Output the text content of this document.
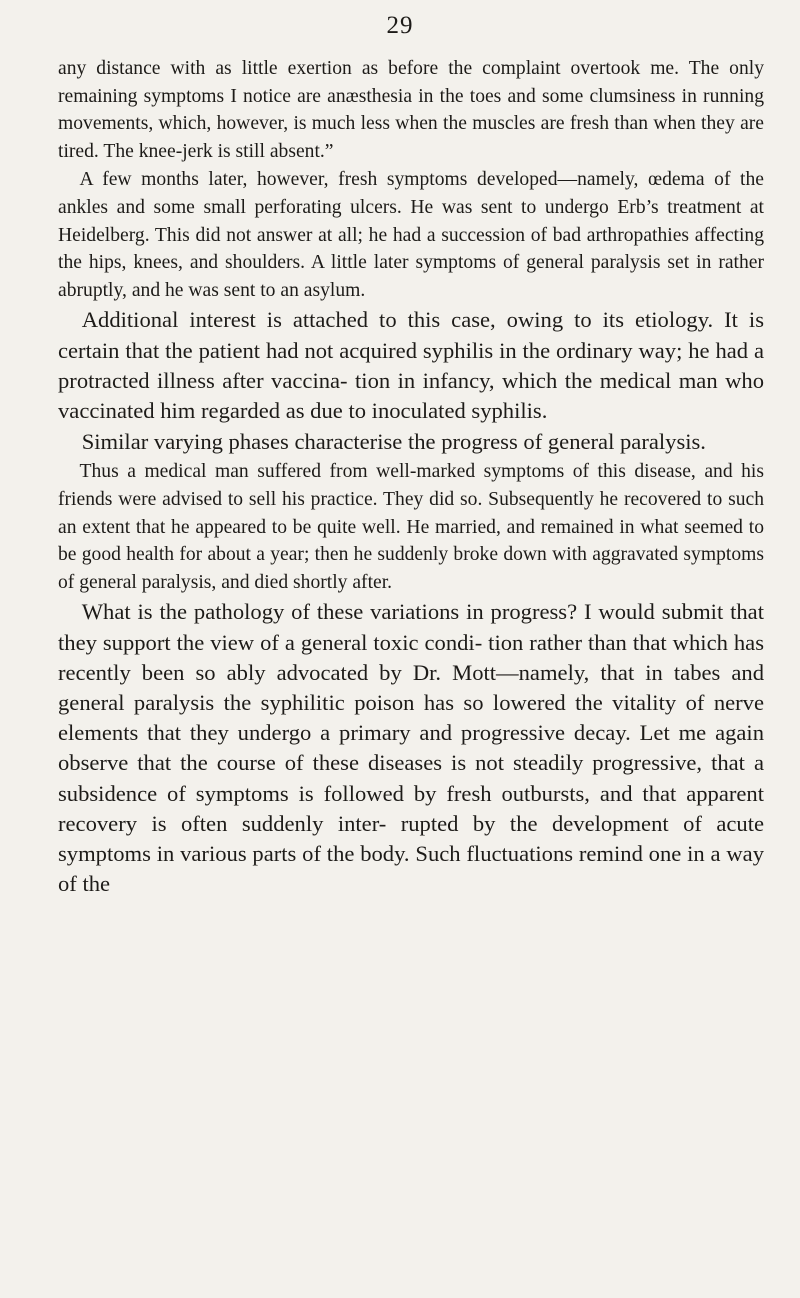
29

any distance with as little exertion as before the complaint overtook me. The only remaining symptoms I notice are anæsthesia in the toes and some clumsiness in running movements, which, however, is much less when the muscles are fresh than when they are tired. The knee-jerk is still absent.”

A few months later, however, fresh symptoms developed—namely, œdema of the ankles and some small perforating ulcers. He was sent to undergo Erb’s treatment at Heidelberg. This did not answer at all; he had a succession of bad arthropathies affecting the hips, knees, and shoulders. A little later symptoms of general paralysis set in rather abruptly, and he was sent to an asylum.

Additional interest is attached to this case, owing to its etiology. It is certain that the patient had not acquired syphilis in the ordinary way; he had a protracted illness after vaccina- tion in infancy, which the medical man who vaccinated him regarded as due to inoculated syphilis.

Similar varying phases characterise the progress of general paralysis.

Thus a medical man suffered from well-marked symptoms of this disease, and his friends were advised to sell his practice. They did so. Subsequently he recovered to such an extent that he appeared to be quite well. He married, and remained in what seemed to be good health for about a year; then he suddenly broke down with aggravated symptoms of general paralysis, and died shortly after.

What is the pathology of these variations in progress? I would submit that they support the view of a general toxic condi- tion rather than that which has recently been so ably advocated by Dr. Mott—namely, that in tabes and general paralysis the syphilitic poison has so lowered the vitality of nerve elements that they undergo a primary and progressive decay. Let me again observe that the course of these diseases is not steadily progressive, that a subsidence of symptoms is followed by fresh outbursts, and that apparent recovery is often suddenly inter- rupted by the development of acute symptoms in various parts of the body. Such fluctuations remind one in a way of the
